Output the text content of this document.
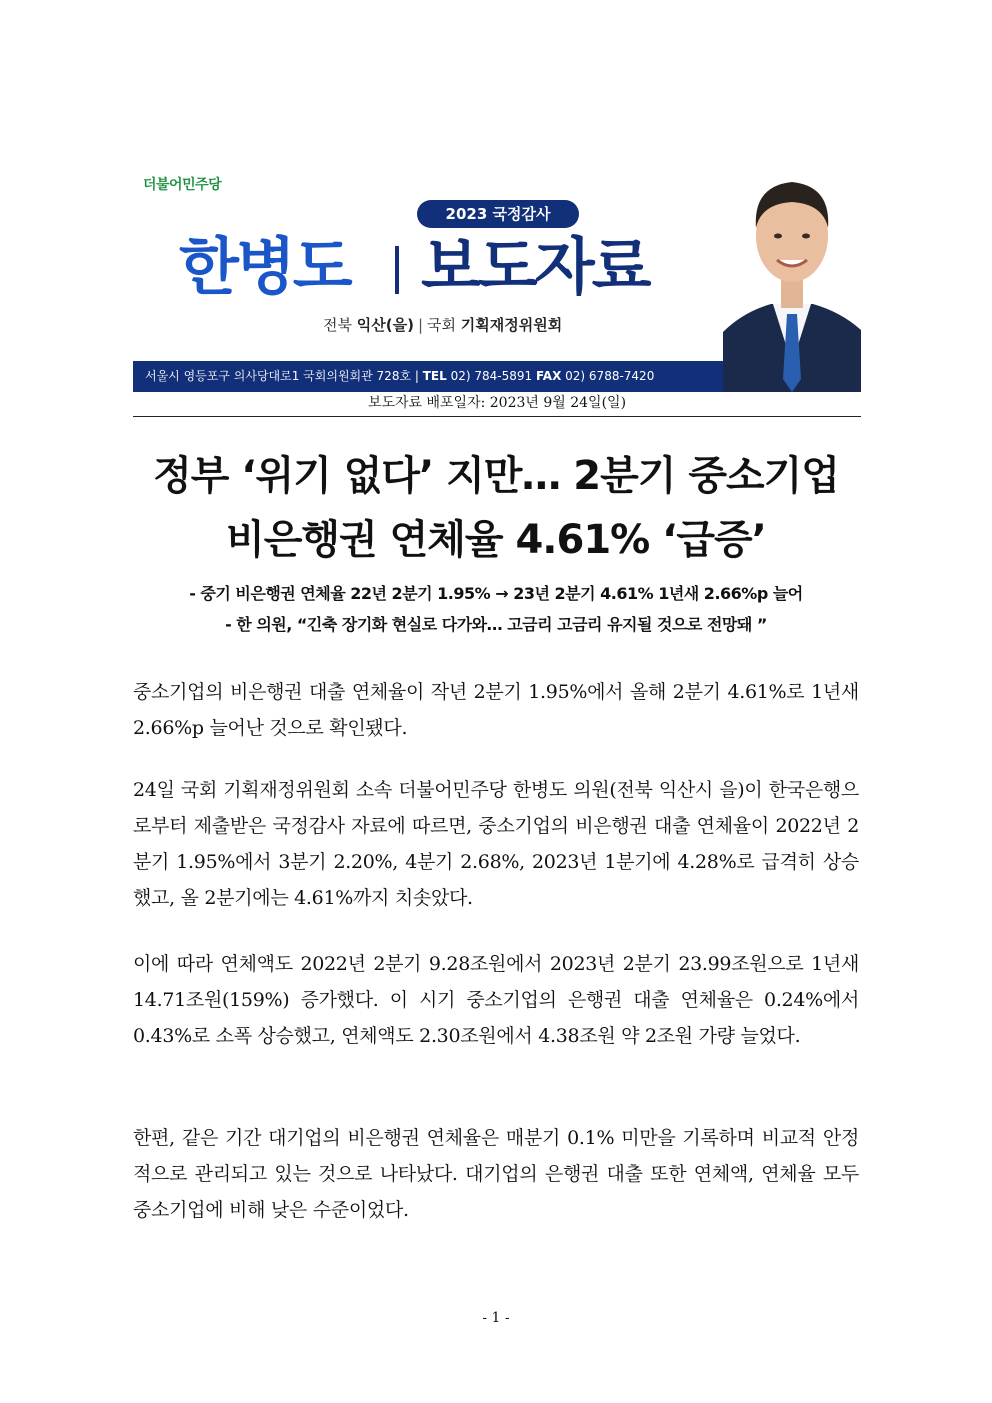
더불어민주당
2023 국정감사
한병도 보도자료
전북 익산(을) | 국회 기획재정위원회
서울시 영등포구 의사당대로1 국회의원회관 728호 | TEL 02) 784-5891 FAX 02) 6788-7420
보도자료 배포일자: 2023년 9월 24일(일)
정부 ‘위기 없다’ 지만… 2분기 중소기업
비은행권 연체율 4.61% ‘급증’
- 중기 비은행권 연체율 22년 2분기 1.95% → 23년 2분기 4.61% 1년새 2.66%p 늘어
- 한 의원, “긴축 장기화 현실로 다가와… 고금리 고금리 유지될 것으로 전망돼 ”
중소기업의 비은행권 대출 연체율이 작년 2분기 1.95%에서 올해 2분기 4.61%로 1년새 2.66%p 늘어난 것으로 확인됐다.
24일 국회 기획재정위원회 소속 더불어민주당 한병도 의원(전북 익산시 을)이 한국은행으로부터 제출받은 국정감사 자료에 따르면, 중소기업의 비은행권 대출 연체율이 2022년 2분기 1.95%에서 3분기 2.20%, 4분기 2.68%, 2023년 1분기에 4.28%로 급격히 상승했고, 올 2분기에는 4.61%까지 치솟았다.
이에 따라 연체액도 2022년 2분기 9.28조원에서 2023년 2분기 23.99조원으로 1년새 14.71조원(159%) 증가했다. 이 시기 중소기업의 은행권 대출 연체율은 0.24%에서 0.43%로 소폭 상승했고, 연체액도 2.30조원에서 4.38조원 약 2조원 가량 늘었다.
한편, 같은 기간 대기업의 비은행권 연체율은 매분기 0.1% 미만을 기록하며 비교적 안정적으로 관리되고 있는 것으로 나타났다. 대기업의 은행권 대출 또한 연체액, 연체율 모두 중소기업에 비해 낮은 수준이었다.
- 1 -
